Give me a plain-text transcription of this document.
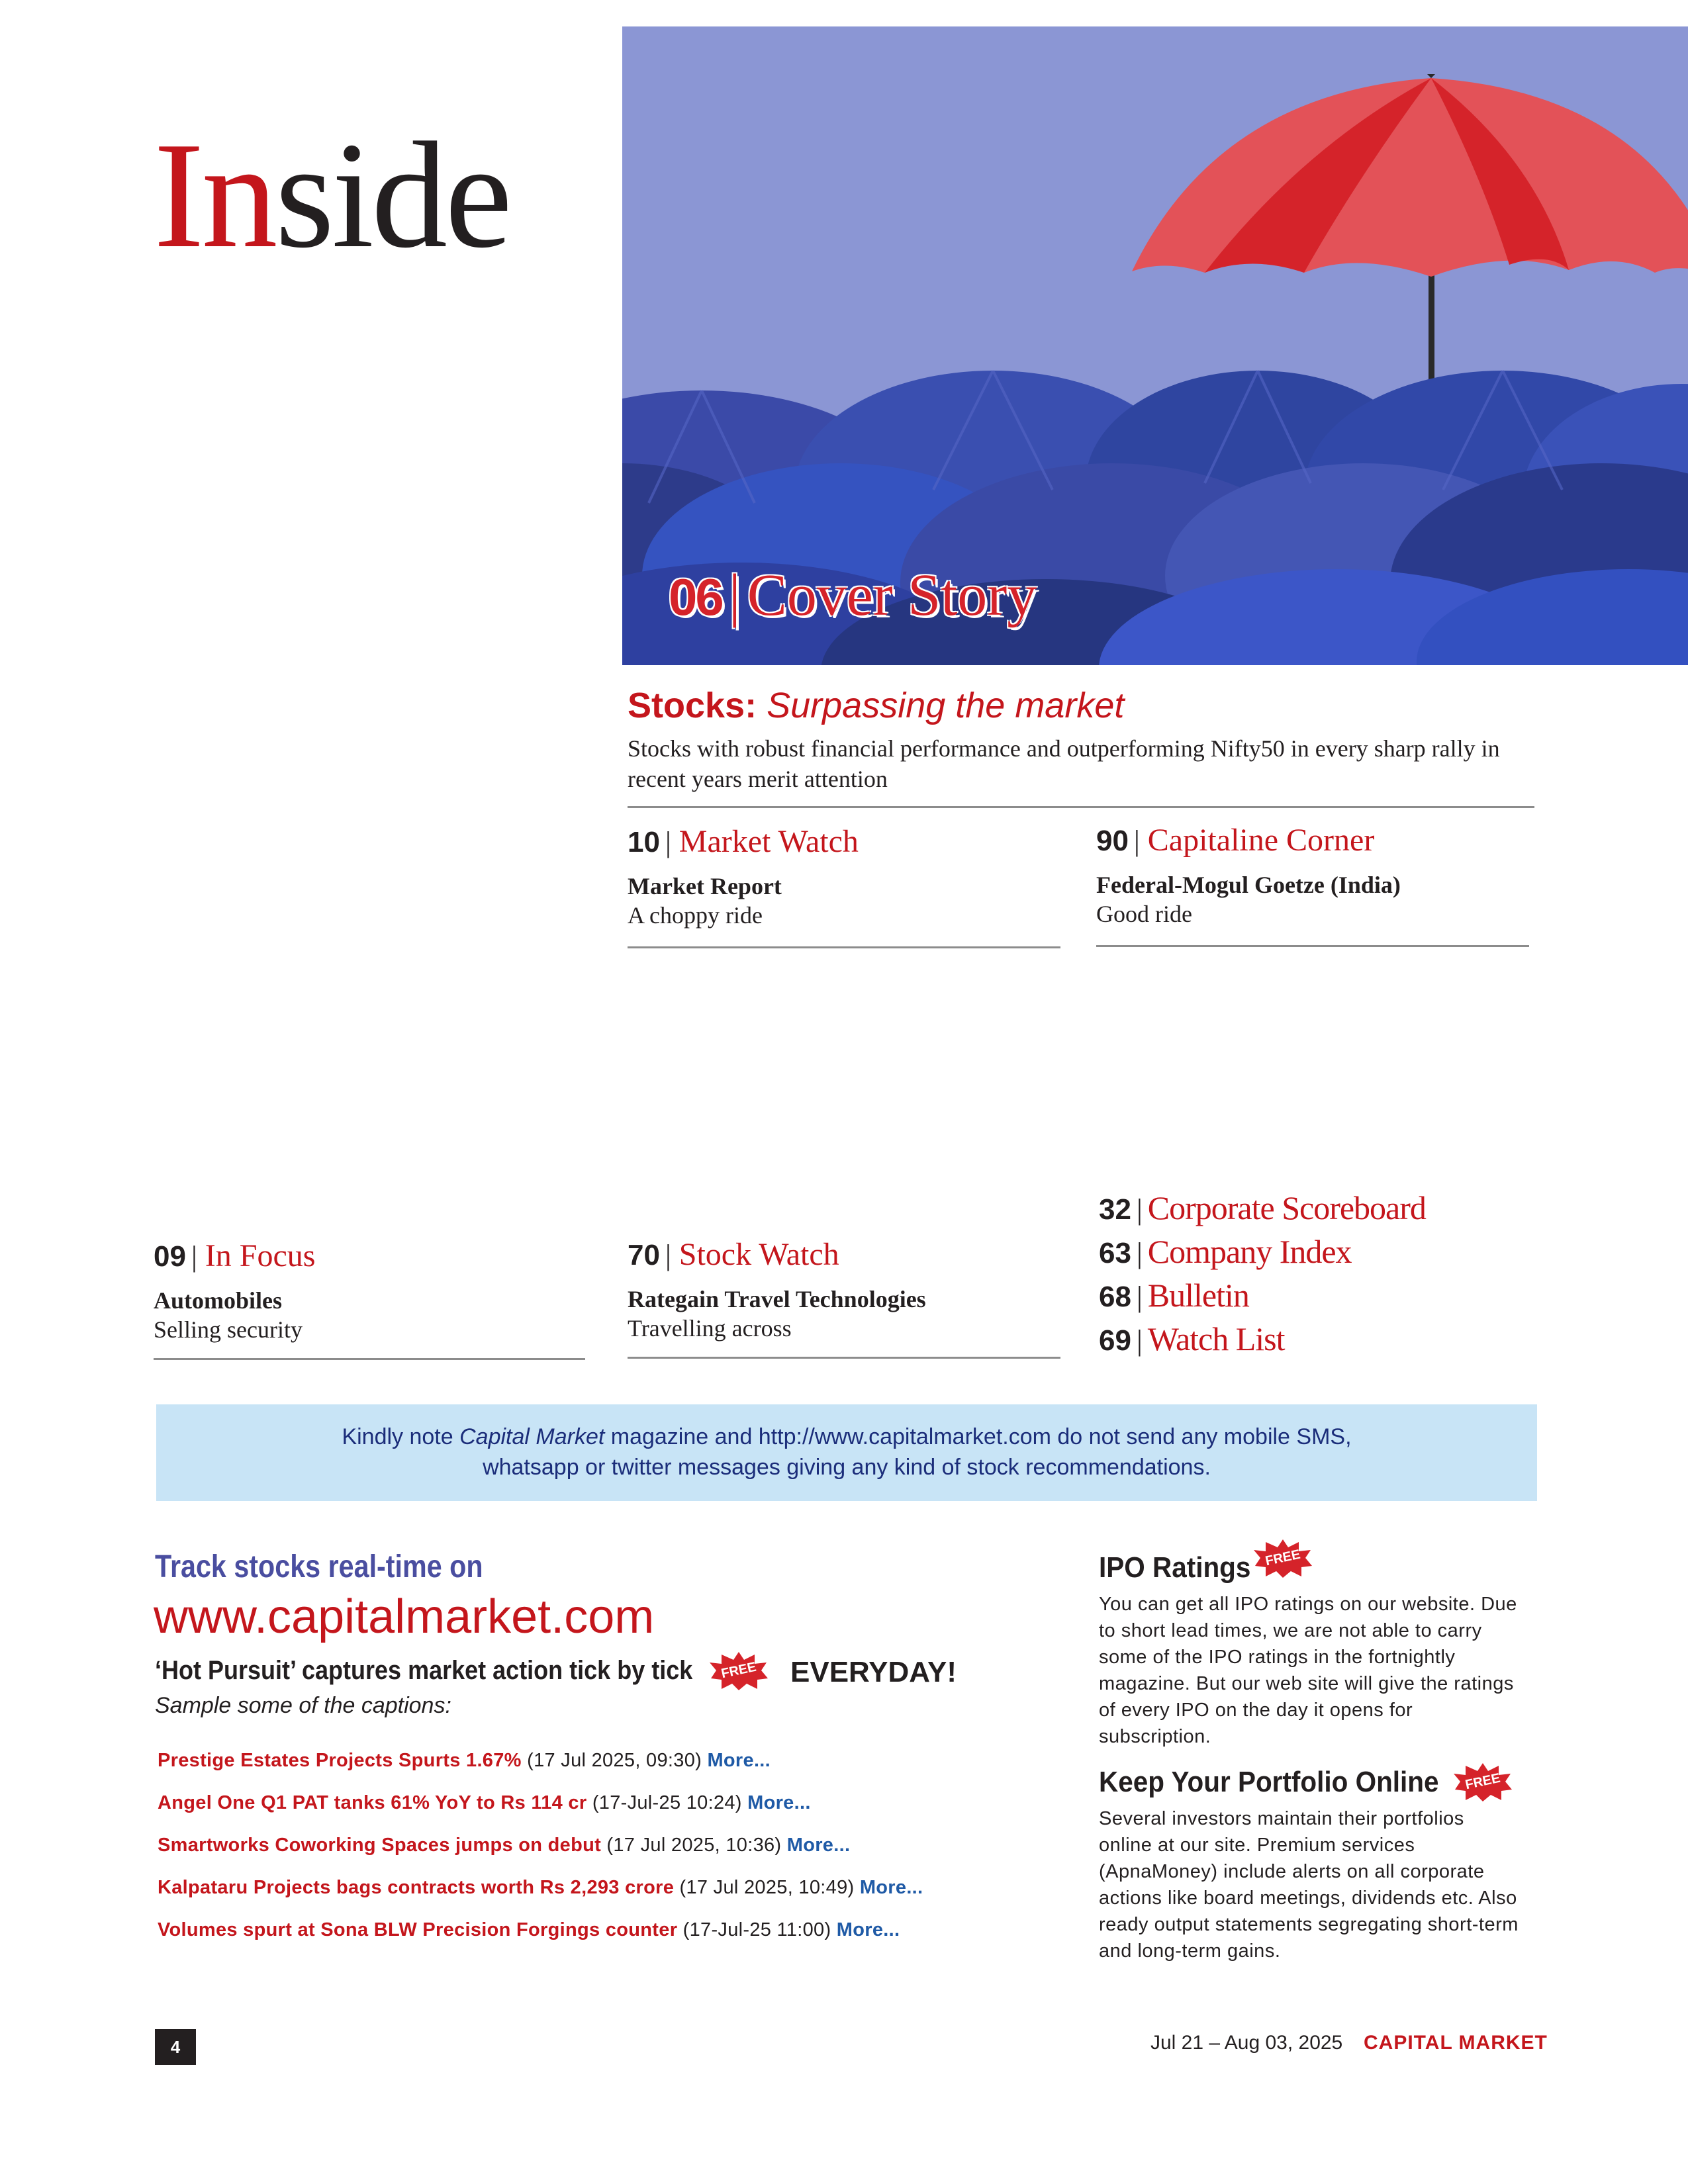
Inside
06 | Cover Story
Stocks: Surpassing the market
Stocks with robust financial performance and outperforming Nifty50 in every sharp rally in recent years merit attention
10 | Market Watch
Market Report
A choppy ride
90 | Capitaline Corner
Federal-Mogul Goetze (India)
Good ride
09 | In Focus
Automobiles
Selling security
70 | Stock Watch
Rategain Travel Technologies
Travelling across
32 | Corporate Scoreboard
63 | Company Index
68 | Bulletin
69 | Watch List
Kindly note Capital Market magazine and http://www.capitalmarket.com do not send any mobile SMS,
whatsapp or twitter messages giving any kind of stock recommendations.
Track stocks real-time on
www.capitalmarket.com
‘Hot Pursuit’ captures market action tick by tick	FREE	EVERYDAY!
Sample some of the captions:
Prestige Estates Projects Spurts 1.67% (17 Jul 2025, 09:30) More...
Angel One Q1 PAT tanks 61% YoY to Rs 114 cr (17-Jul-25 10:24) More...
Smartworks Coworking Spaces jumps on debut (17 Jul 2025, 10:36) More...
Kalpataru Projects bags contracts worth Rs 2,293 crore (17 Jul 2025, 10:49) More...
Volumes spurt at Sona BLW Precision Forgings counter (17-Jul-25 11:00) More...
IPO Ratings	FREE
You can get all IPO ratings on our website. Due to short lead times, we are not able to carry some of the IPO ratings in the fortnightly magazine. But our web site will give the ratings of every IPO on the day it opens for subscription.
Keep Your Portfolio Online	FREE
Several investors maintain their portfolios online at our site. Premium services (ApnaMoney) include alerts on all corporate actions like board meetings, dividends etc. Also ready output statements segregating short-term and long-term gains.
4	Jul 21 – Aug 03, 2025 CAPITAL MARKET
